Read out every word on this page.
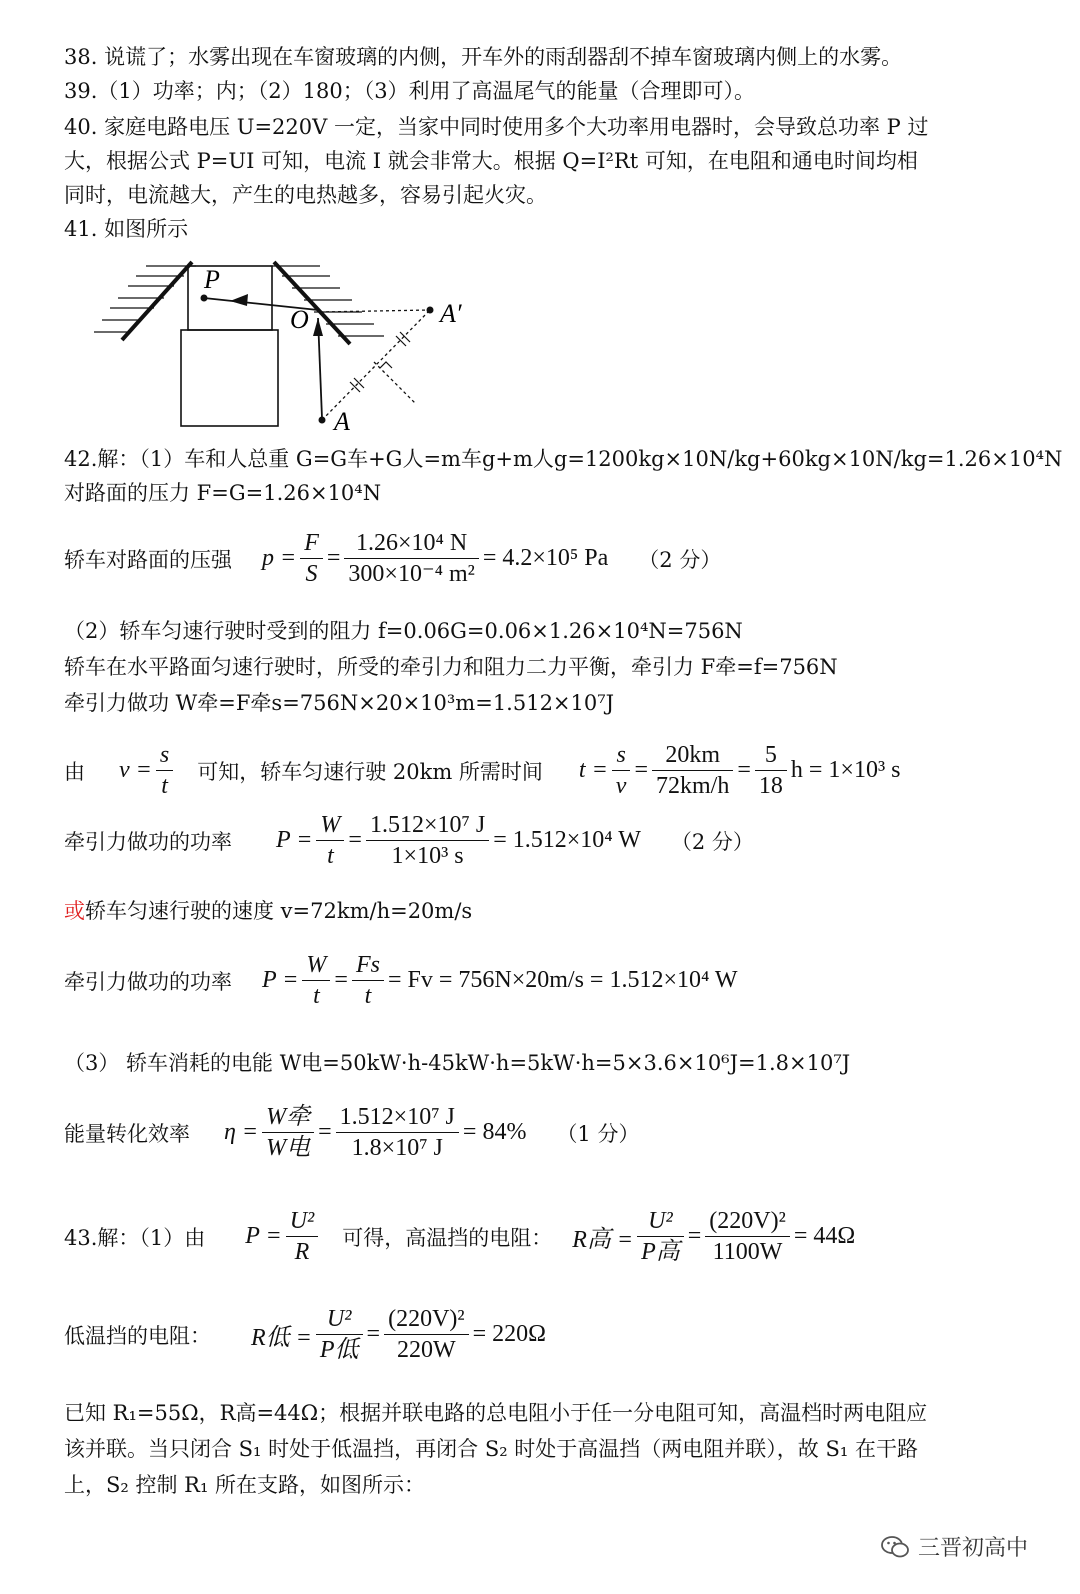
38. 说谎了；水雾出现在车窗玻璃的内侧，开车外的雨刮器刮不掉车窗玻璃内侧上的水雾。
39.（1）功率；内；（2）180；（3）利用了高温尾气的能量（合理即可）。
40. 家庭电路电压 U=220V 一定，当家中同时使用多个大功率用电器时，会导致总功率 P 过
大，根据公式 P=UI 可知，电流 I 就会非常大。根据 Q=I²Rt 可知，在电阻和通电时间均相
同时，电流越大，产生的电热越多，容易引起火灾。
41. 如图所示
P
O
A
A′
42.解：（1）车和人总重 G=G车+G人=m车g+m人g=1200kg×10N/kg+60kg×10N/kg=1.26×10⁴N
对路面的压力 F=G=1.26×10⁴N
轿车对路面的压强 $p = \frac{F}{S} = \frac{\text{1.26×10⁴ N}}{\text{300×10⁻⁴ m²}} = 4.2\times 10^5$ Pa （2 分）
（2）轿车匀速行驶时受到的阻力 f=0.06G=0.06×1.26×10⁴N=756N
轿车在水平路面匀速行驶时，所受的牵引力和阻力二力平衡，牵引力 F牵=f=756N
牵引力做功 W牵=F牵s=756N×20×10³m=1.512×10⁷J
由 $v = \frac{s}{t}$ 可知，轿车匀速行驶 20km 所需时间 $t = \frac{s}{v} = \frac{20km}{72km/h} = \frac{5}{18}$ h = 1×10³ s
牵引力做功的功率 $P = \frac{W}{t} = \frac{\text{1.512×10⁷ J}}{\text{1×10³ s}} = 1.512\times 10^4$ W （2 分）
或轿车匀速行驶的速度 v=72km/h=20m/s
牵引力做功的功率 $P = \frac{W}{t} = \frac{Fs}{t} = Fv = 756N\times 20m/s = 1.512\times 10^4$ W
（3） 轿车消耗的电能 W电=50kW·h-45kW·h=5kW·h=5×3.6×10⁶J=1.8×10⁷J
能量转化效率 $\eta = \frac{\text{W牵}}{\text{W电}} = \frac{\text{1.512×10⁷ J}}{\text{1.8×10⁷ J}} = 84\%$ （1 分）
43.解：（1）由 $P = \frac{\text{U²}}{R}$ 可得，高温挡的电阻： R高 = $\frac{\text{U²}}{\text{P高}} = \frac{\text{(220V)²}}{1100W} = 44\Omega$
低温挡的电阻： R低 = $\frac{\text{U²}}{\text{P低}} = \frac{\text{(220V)²}}{220W} = 220\Omega$
已知 R₁=55Ω，R高=44Ω；根据并联电路的总电阻小于任一分电阻可知，高温档时两电阻应
该并联。当只闭合 S₁ 时处于低温挡，再闭合 S₂ 时处于高温挡（两电阻并联），故 S₁ 在干路
上，S₂ 控制 R₁ 所在支路，如图所示：
三晋初高中
